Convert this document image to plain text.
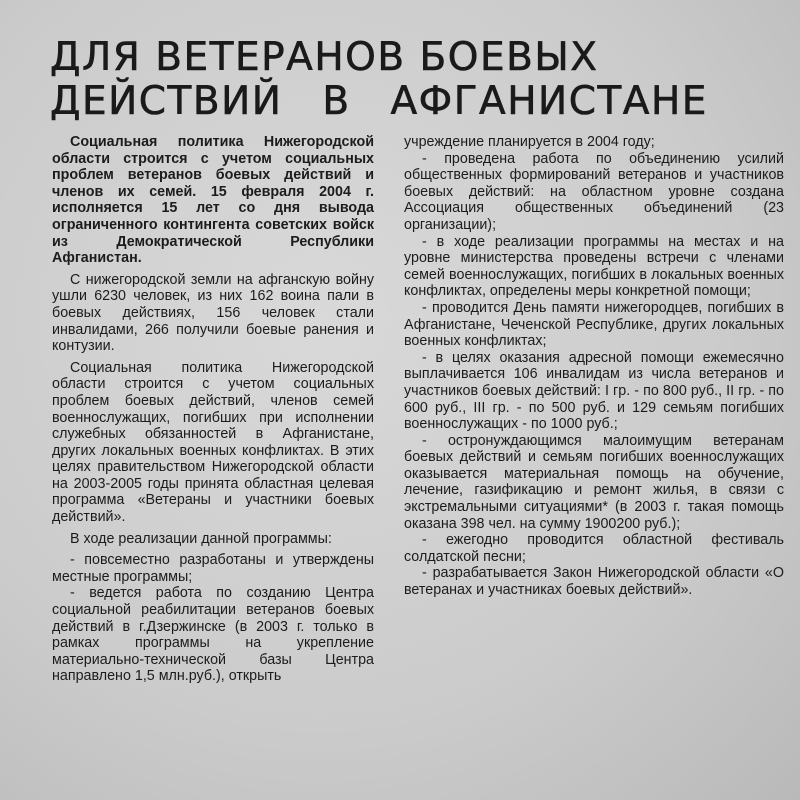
ДЛЯ ВЕТЕРАНОВ БОЕВЫХ
ДЕЙСТВИЙ В АФГАНИСТАНЕ

Социальная политика Нижегородской области строится с учетом социальных проблем ветеранов боевых действий и членов их семей. 15 февраля 2004 г. исполняется 15 лет со дня вывода ограниченного контингента советских войск из Демократической Республики Афганистан.

С нижегородской земли на афганскую войну ушли 6230 человек, из них 162 воина пали в боевых действиях, 156 человек стали инвалидами, 266 получили боевые ранения и контузии.

Социальная политика Нижегородской области строится с учетом социальных проблем боевых действий, членов семей военнослужащих, погибших при исполнении служебных обязанностей в Афганистане, других локальных военных конфликтах. В этих целях правительством Нижегородской области на 2003-2005 годы принята областная целевая программа «Ветераны и участники боевых действий».

В ходе реализации данной программы:

- повсеместно разработаны и утверждены местные программы;

- ведется работа по созданию Центра социальной реабилитации ветеранов боевых действий в г.Дзержинске (в 2003 г. только в рамках программы на укрепление материально-технической базы Центра направлено 1,5 млн.руб.), открыть

учреждение планируется в 2004 году;

- проведена работа по объединению усилий общественных формирований ветеранов и участников боевых действий: на областном уровне создана Ассоциация общественных объединений (23 организации);

- в ходе реализации программы на местах и на уровне министерства проведены встречи с членами семей военнослужащих, погибших в локальных военных конфликтах, определены меры конкретной помощи;

- проводится День памяти нижегородцев, погибших в Афганистане, Чеченской Республике, других локальных военных конфликтах;

- в целях оказания адресной помощи ежемесячно выплачивается 106 инвалидам из числа ветеранов и участников боевых действий: I гр. - по 800 руб., II гр. - по 600 руб., III гр. - по 500 руб. и 129 семьям погибших военнослужащих - по 1000 руб.;

- остронуждающимся малоимущим ветеранам боевых действий и семьям погибших военнослужащих оказывается материальная помощь на обучение, лечение, газификацию и ремонт жилья, в связи с экстремальными ситуациями* (в 2003 г. такая помощь оказана 398 чел. на сумму 1900200 руб.);

- ежегодно проводится областной фестиваль солдатской песни;

- разрабатывается Закон Нижегородской области «О ветеранах и участниках боевых действий».
